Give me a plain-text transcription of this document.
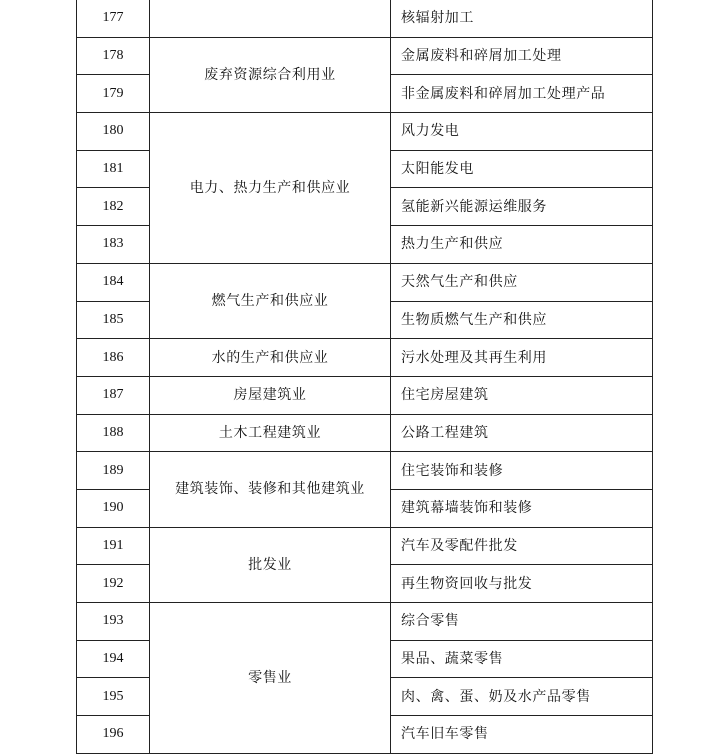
177		核辐射加工
178	废弃资源综合利用业	金属废料和碎屑加工处理
179		非金属废料和碎屑加工处理产品
180	电力、热力生产和供应业	风力发电
181		太阳能发电
182		氢能新兴能源运维服务
183		热力生产和供应
184	燃气生产和供应业	天然气生产和供应
185		生物质燃气生产和供应
186	水的生产和供应业	污水处理及其再生利用
187	房屋建筑业	住宅房屋建筑
188	土木工程建筑业	公路工程建筑
189	建筑装饰、装修和其他建筑业	住宅装饰和装修
190		建筑幕墙装饰和装修
191	批发业	汽车及零配件批发
192		再生物资回收与批发
193	零售业	综合零售
194		果品、蔬菜零售
195		肉、禽、蛋、奶及水产品零售
196		汽车旧车零售
